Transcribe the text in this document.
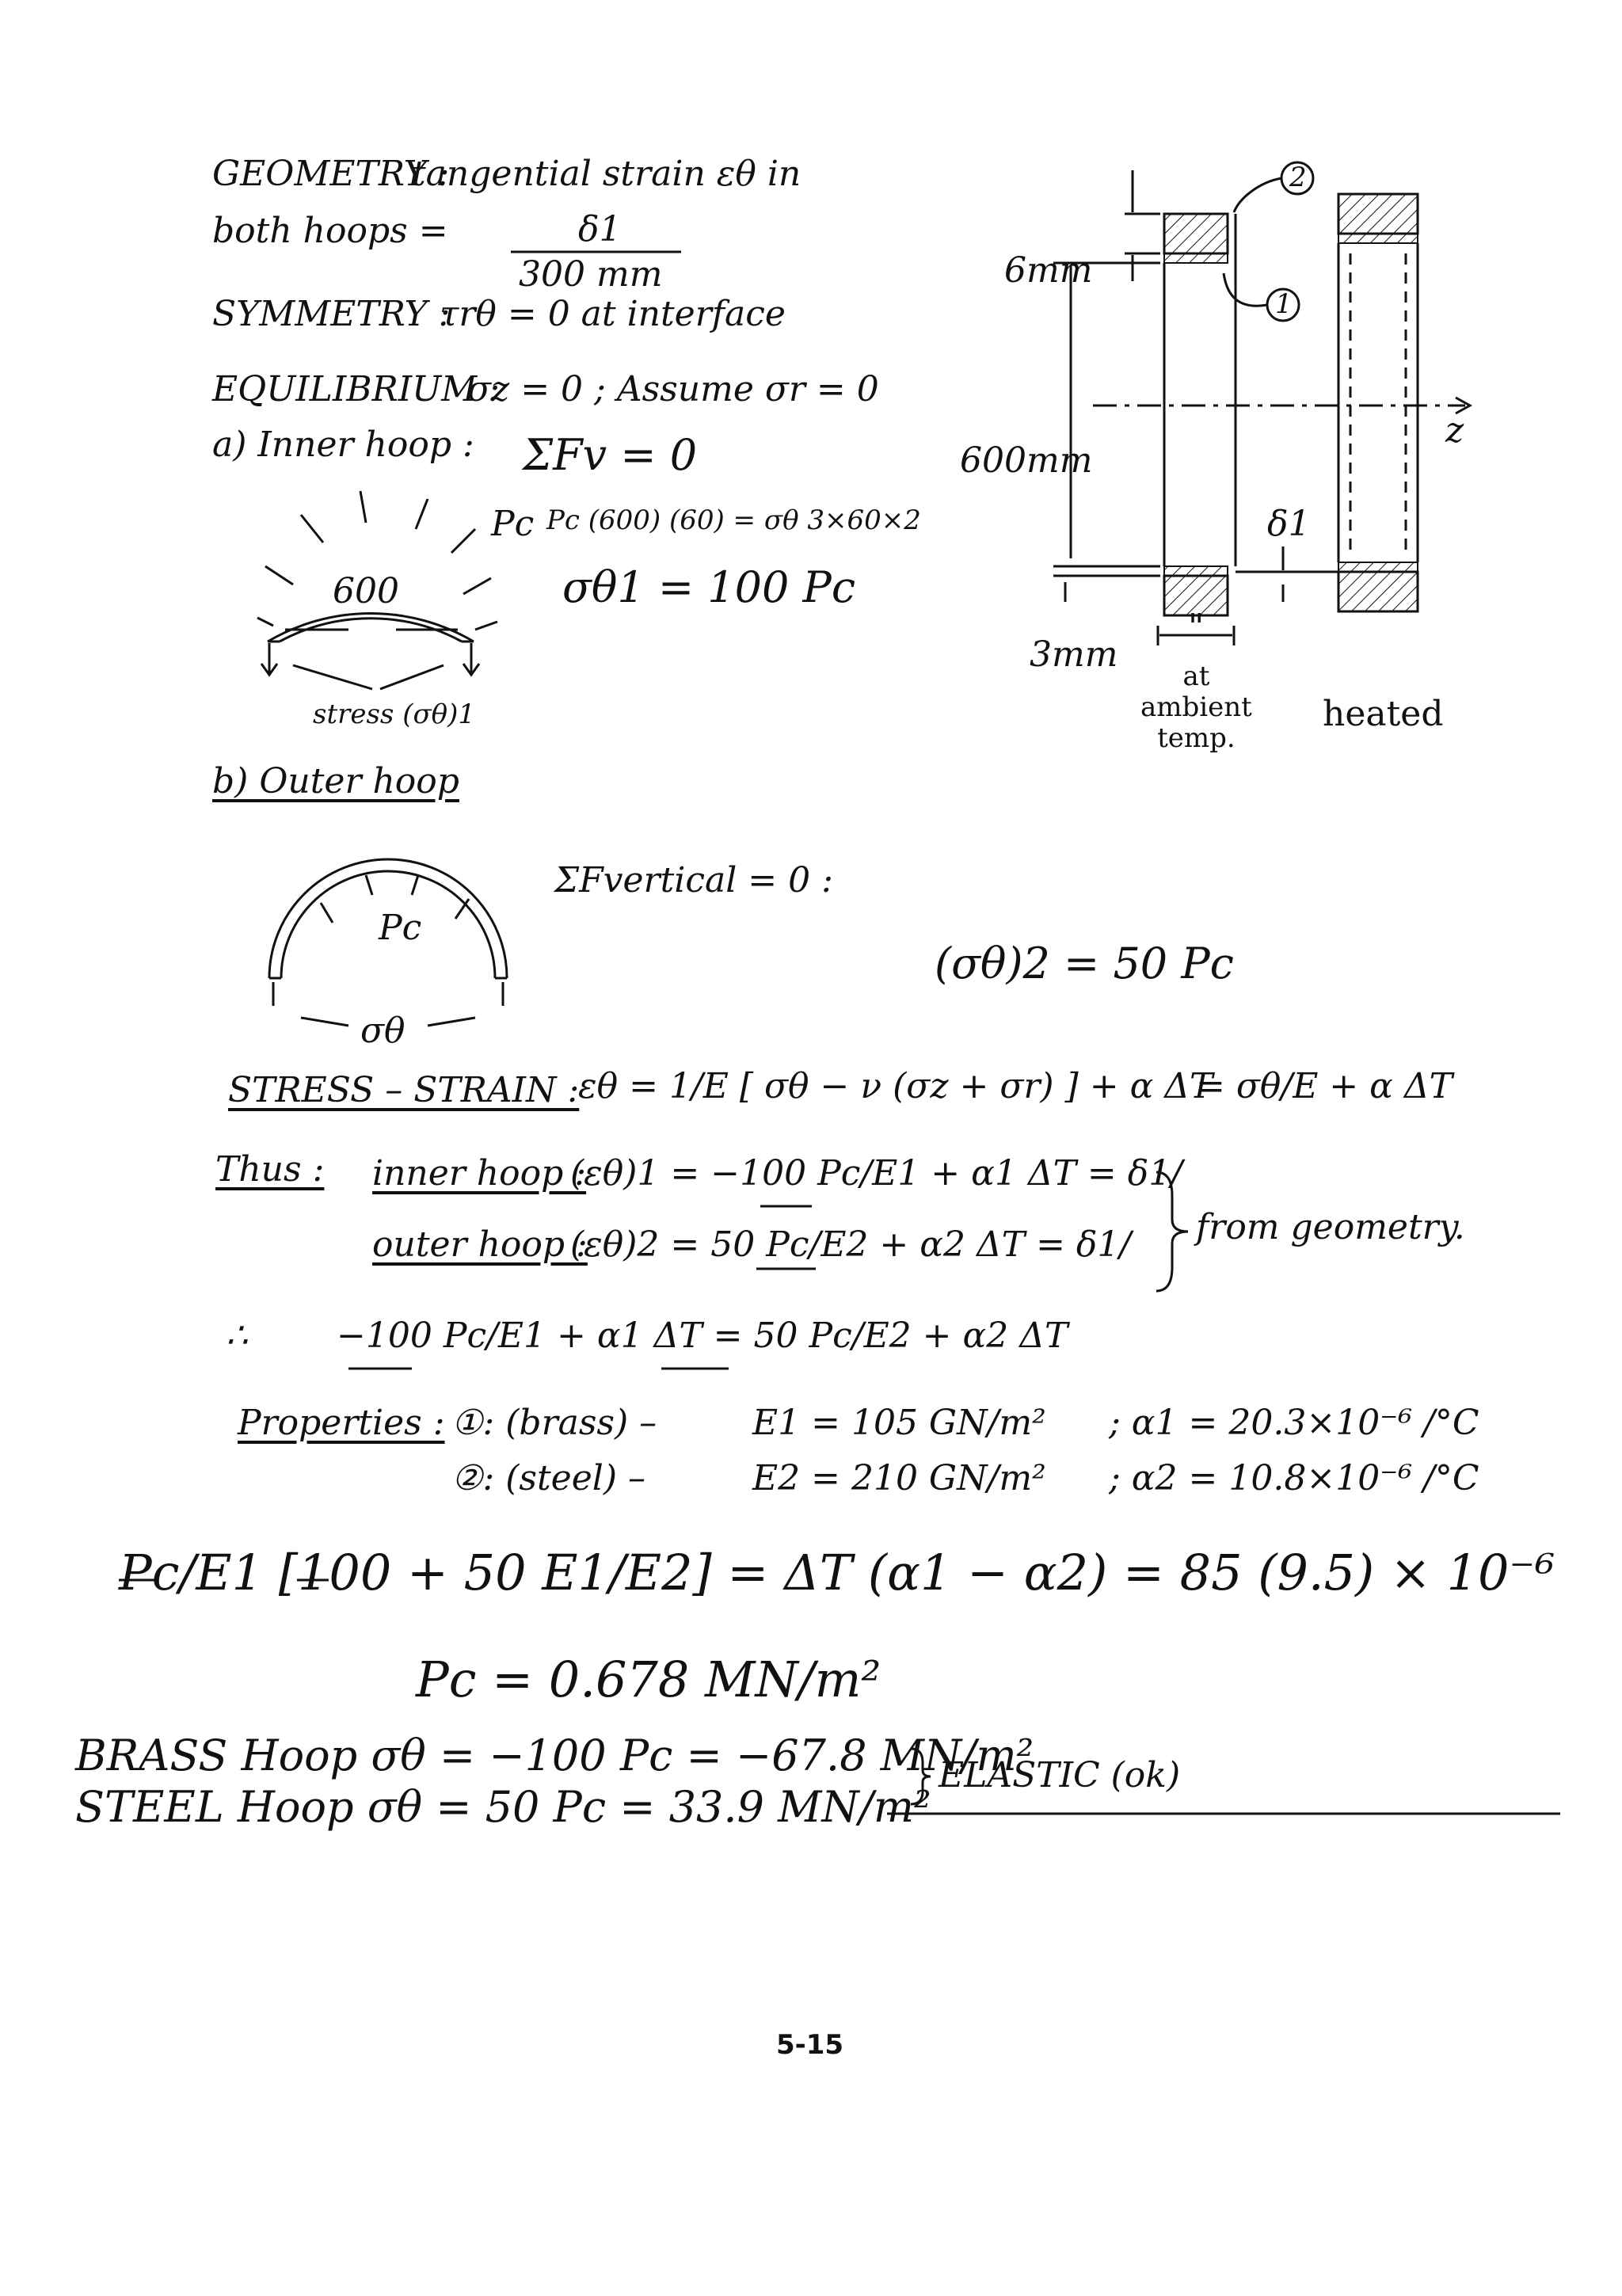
GEOMETRY :
tangential strain εθ in
both hoops =	δ1
300 mm
SYMMETRY :
τrθ = 0 at interface
EQUILIBRIUM :
σz = 0 ; Assume σr = 0
a) Inner hoop : ΣFv = 0
Pc (600) (60) = σθ 3×60×2
σθ1 = 100 Pc
Pc
600
stress (σθ)1
b) Outer hoop
ΣFvertical = 0 :
(σθ)2 = 50 Pc
Pc
σθ
STRESS – STRAIN :
εθ = 1/E [ σθ − ν (σz + σr) ] + α ΔT
= σθ/E + α ΔT
Thus : inner hoop :
(εθ)1 = −100 Pc/E1 + α1 ΔT = δ1/
outer hoop :
(εθ)2 = 50 Pc/E2 + α2 ΔT = δ1/ from geometry.
∴	−100 Pc/E1 + α1 ΔT = 50 Pc/E2 + α2 ΔT
Properties : ①: (brass) –	E1 = 105 GN/m² ; α1 = 20.3×10⁻⁶ /°C
②: (steel) –	E2 = 210 GN/m² ; α2 = 10.8×10⁻⁶ /°C
Pc/E1 [100 + 50 E1/E2] = ΔT (α1 − α2) = 85 (9.5) × 10⁻⁶
Pc = 0.678 MN/m²
BRASS Hoop σθ = −100 Pc = −67.8 MN/m²
STEEL Hoop σθ = 50 Pc = 33.9 MN/m²
ELASTIC (ok)
6mm
600mm
3mm
δ1
"
at
ambient
temp.
heated
z
2
1
5-15
